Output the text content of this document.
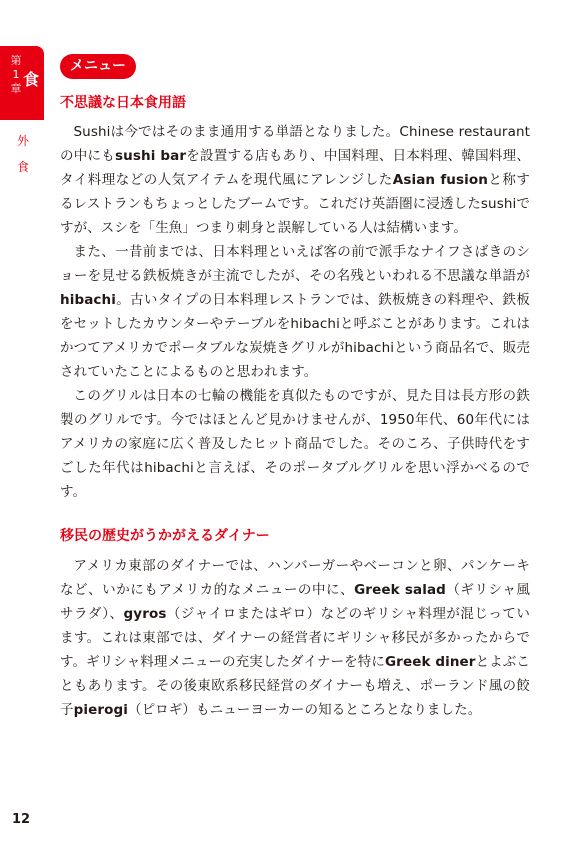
第
1
章 食
外
食
メニュー
不思議な日本食用語

Sushiは今ではそのまま通用する単語となりました。Chinese restaurantの中にもsushi barを設置する店もあり、中国料理、日本料理、韓国料理、タイ料理などの人気アイテムを現代風にアレンジしたAsian fusionと称するレストランもちょっとしたブームです。これだけ英語圏に浸透したsushiですが、スシを「生魚」つまり刺身と誤解している人は結構います。

また、一昔前までは、日本料理といえば客の前で派手なナイフさばきのショーを見せる鉄板焼きが主流でしたが、その名残といわれる不思議な単語がhibachi。古いタイプの日本料理レストランでは、鉄板焼きの料理や、鉄板をセットしたカウンターやテーブルをhibachiと呼ぶことがあります。これはかつてアメリカでポータブルな炭焼きグリルがhibachiという商品名で、販売されていたことによるものと思われます。

このグリルは日本の七輪の機能を真似たものですが、見た目は長方形の鉄製のグリルです。今ではほとんど見かけませんが、1950年代、60年代にはアメリカの家庭に広く普及したヒット商品でした。そのころ、子供時代をすごした年代はhibachiと言えば、そのポータブルグリルを思い浮かべるのです。

移民の歴史がうかがえるダイナー

アメリカ東部のダイナーでは、ハンバーガーやベーコンと卵、パンケーキなど、いかにもアメリカ的なメニューの中に、Greek salad（ギリシャ風サラダ）、gyros（ジャイロまたはギロ）などのギリシャ料理が混じっています。これは東部では、ダイナーの経営者にギリシャ移民が多かったからです。ギリシャ料理メニューの充実したダイナーを特にGreek dinerとよぶこともあります。その後東欧系移民経営のダイナーも増え、ポーランド風の餃子pierogi（ピロギ）もニューヨーカーの知るところとなりました。

12
